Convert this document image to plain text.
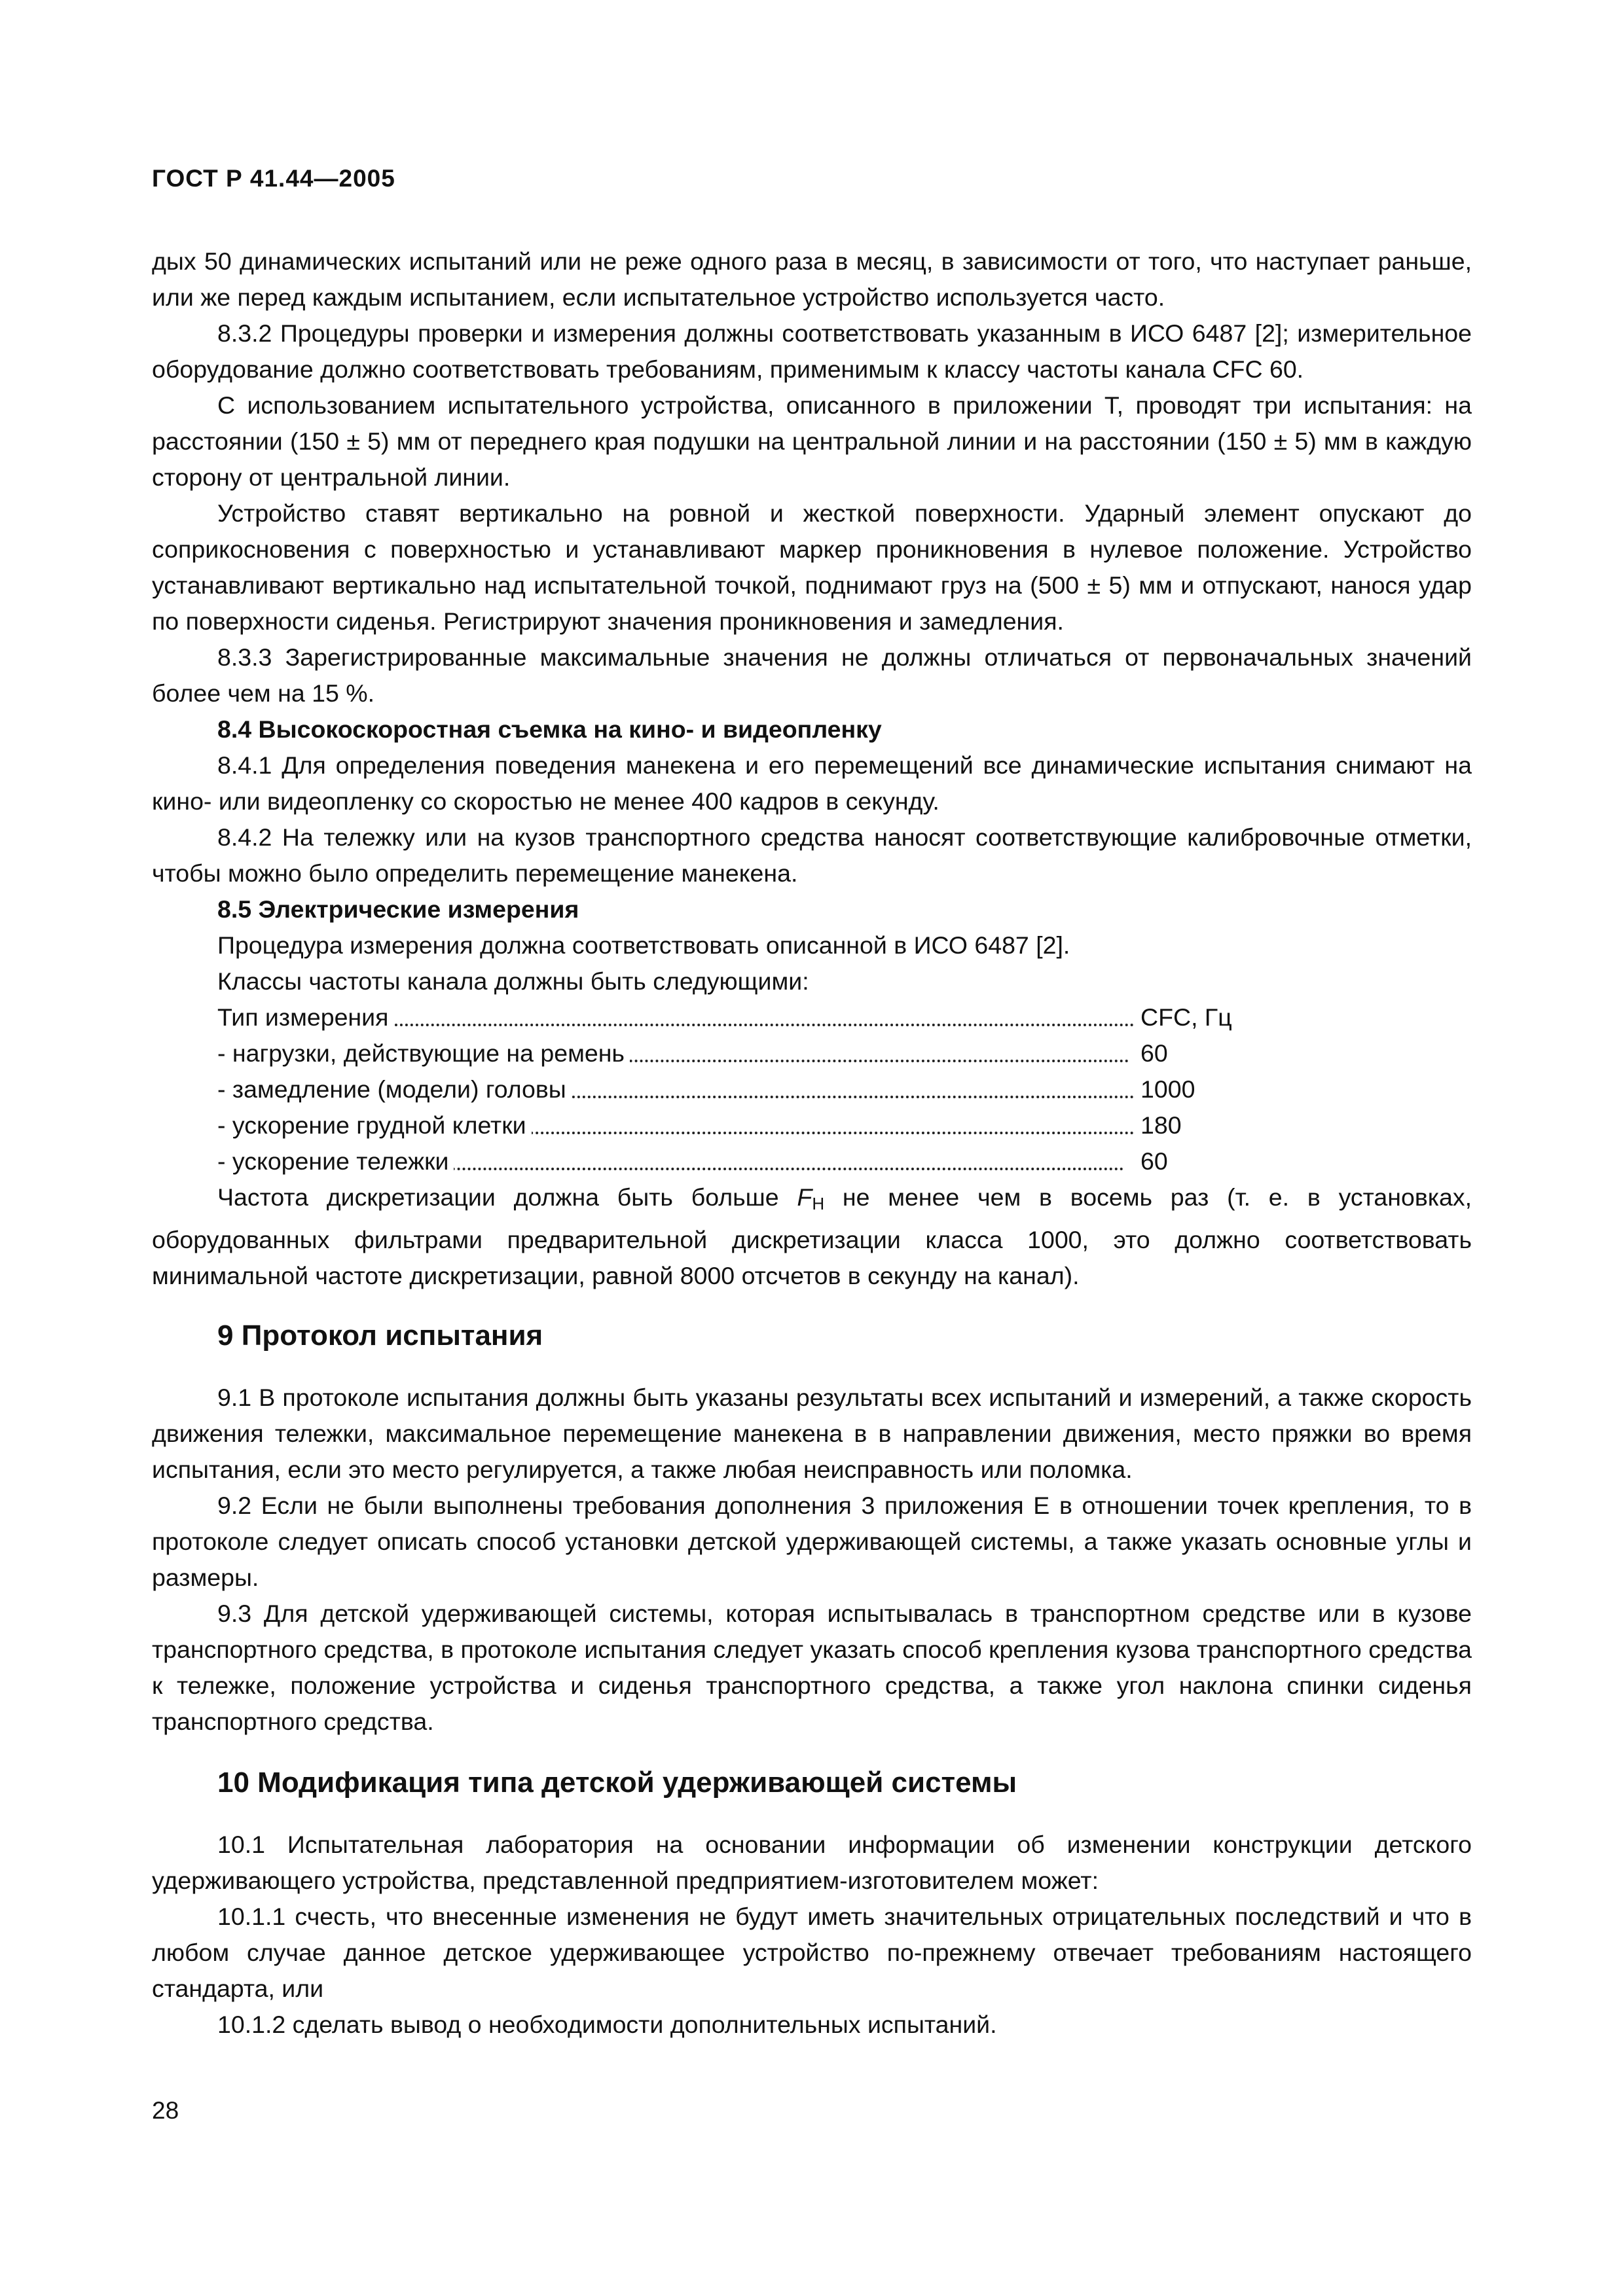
ГОСТ Р 41.44—2005

дых 50 динамических испытаний или не реже одного раза в месяц, в зависимости от того, что наступает раньше, или же перед каждым испытанием, если испытательное устройство используется часто.

8.3.2 Процедуры проверки и измерения должны соответствовать указанным в ИСО 6487 [2]; измерительное оборудование должно соответствовать требованиям, применимым к классу частоты канала CFC 60.

С использованием испытательного устройства, описанного в приложении Т, проводят три испытания: на расстоянии (150 ± 5) мм от переднего края подушки на центральной линии и на расстоянии (150 ± 5) мм в каждую сторону от центральной линии.

Устройство ставят вертикально на ровной и жесткой поверхности. Ударный элемент опускают до соприкосновения с поверхностью и устанавливают маркер проникновения в нулевое положение. Устройство устанавливают вертикально над испытательной точкой, поднимают груз на (500 ± 5) мм и отпускают, нанося удар по поверхности сиденья. Регистрируют значения проникновения и замедления.

8.3.3 Зарегистрированные максимальные значения не должны отличаться от первоначальных значений более чем на 15 %.

8.4 Высокоскоростная съемка на кино- и видеопленку

8.4.1 Для определения поведения манекена и его перемещений все динамические испытания снимают на кино- или видеопленку со скоростью не менее 400 кадров в секунду.

8.4.2 На тележку или на кузов транспортного средства наносят соответствующие калибровочные отметки, чтобы можно было определить перемещение манекена.

8.5 Электрические измерения

Процедура измерения должна соответствовать описанной в ИСО 6487 [2].

Классы частоты канала должны быть следующими:

Тип измерения	CFC, Гц
- нагрузки, действующие на ремень	60
- замедление (модели) головы	1000
- ускорение грудной клетки	180
- ускорение тележки	60

Частота дискретизации должна быть больше $F_Н$ не менее чем в восемь раз (т. е. в установках, оборудованных фильтрами предварительной дискретизации класса 1000, это должно соответствовать минимальной частоте дискретизации, равной 8000 отсчетов в секунду на канал).

9 Протокол испытания

9.1 В протоколе испытания должны быть указаны результаты всех испытаний и измерений, а также скорость движения тележки, максимальное перемещение манекена в в направлении движения, место пряжки во время испытания, если это место регулируется, а также любая неисправность или поломка.

9.2 Если не были выполнены требования дополнения 3 приложения Е в отношении точек крепления, то в протоколе следует описать способ установки детской удерживающей системы, а также указать основные углы и размеры.

9.3 Для детской удерживающей системы, которая испытывалась в транспортном средстве или в кузове транспортного средства, в протоколе испытания следует указать способ крепления кузова транспортного средства к тележке, положение устройства и сиденья транспортного средства, а также угол наклона спинки сиденья транспортного средства.

10 Модификация типа детской удерживающей системы

10.1 Испытательная лаборатория на основании информации об изменении конструкции детского удерживающего устройства, представленной предприятием-изготовителем может:

10.1.1 счесть, что внесенные изменения не будут иметь значительных отрицательных последствий и что в любом случае данное детское удерживающее устройство по-прежнему отвечает требованиям настоящего стандарта, или

10.1.2 сделать вывод о необходимости дополнительных испытаний.

28
